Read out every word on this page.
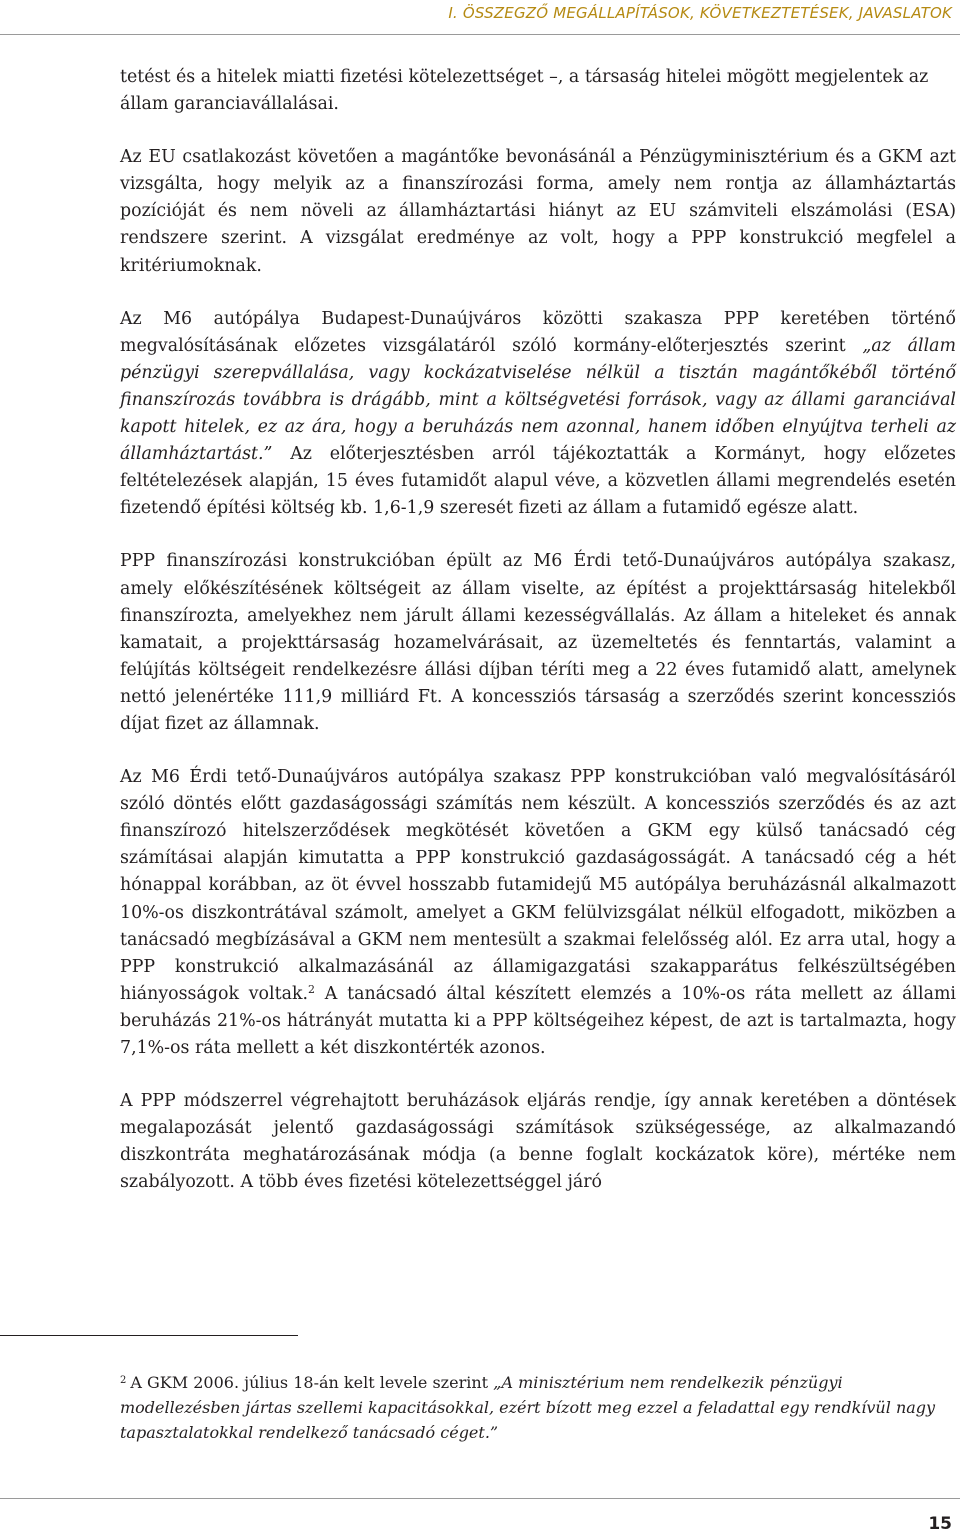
I. ÖSSZEGZŐ MEGÁLLAPÍTÁSOK, KÖVETKEZTETÉSEK, JAVASLATOK

tetést és a hitelek miatti fizetési kötelezettséget –, a társaság hitelei mögött megjelentek az állam garanciavállalásai.

Az EU csatlakozást követően a magántőke bevonásánál a Pénzügyminisztérium és a GKM azt vizsgálta, hogy melyik az a finanszírozási forma, amely nem rontja az államháztartás pozícióját és nem növeli az államháztartási hiányt az EU számviteli elszámolási (ESA) rendszere szerint. A vizsgálat eredménye az volt, hogy a PPP konstrukció megfelel a kritériumoknak.

Az M6 autópálya Budapest-Dunaújváros közötti szakasza PPP keretében történő megvalósításának előzetes vizsgálatáról szóló kormány-előterjesztés szerint „az állam pénzügyi szerepvállalása, vagy kockázatviselése nélkül a tisztán magántőkéből történő finanszírozás továbbra is drágább, mint a költségvetési források, vagy az állami garanciával kapott hitelek, ez az ára, hogy a beruházás nem azonnal, hanem időben elnyújtva terheli az államháztartást.” Az előterjesztésben arról tájékoztatták a Kormányt, hogy előzetes feltételezések alapján, 15 éves futamidőt alapul véve, a közvetlen állami megrendelés esetén fizetendő építési költség kb. 1,6-1,9 szeresét fizeti az állam a futamidő egésze alatt.

PPP finanszírozási konstrukcióban épült az M6 Érdi tető-Dunaújváros autópálya szakasz, amely előkészítésének költségeit az állam viselte, az építést a projekttársaság hitelekből finanszírozta, amelyekhez nem járult állami kezességvállalás. Az állam a hiteleket és annak kamatait, a projekttársaság hozamelvárásait, az üzemeltetés és fenntartás, valamint a felújítás költségeit rendelkezésre állási díjban téríti meg a 22 éves futamidő alatt, amelynek nettó jelenértéke 111,9 milliárd Ft. A koncessziós társaság a szerződés szerint koncessziós díjat fizet az államnak.

Az M6 Érdi tető-Dunaújváros autópálya szakasz PPP konstrukcióban való megvalósításáról szóló döntés előtt gazdaságossági számítás nem készült. A koncessziós szerződés és az azt finanszírozó hitelszerződések megkötését követően a GKM egy külső tanácsadó cég számításai alapján kimutatta a PPP konstrukció gazdaságosságát. A tanácsadó cég a hét hónappal korábban, az öt évvel hosszabb futamidejű M5 autópálya beruházásnál alkalmazott 10%-os diszkontrátával számolt, amelyet a GKM felülvizsgálat nélkül elfogadott, miközben a tanácsadó megbízásával a GKM nem mentesült a szakmai felelősség alól. Ez arra utal, hogy a PPP konstrukció alkalmazásánál az államigazgatási szakapparátus felkészültségében hiányosságok voltak.$^2$ A tanácsadó által készített elemzés a 10%-os ráta mellett az állami beruházás 21%-os hátrányát mutatta ki a PPP költségeihez képest, de azt is tartalmazta, hogy 7,1%-os ráta mellett a két diszkontérték azonos.

A PPP módszerrel végrehajtott beruházások eljárás rendje, így annak keretében a döntések megalapozását jelentő gazdaságossági számítások szükségessége, az alkalmazandó diszkontráta meghatározásának módja (a benne foglalt kockázatok köre), mértéke nem szabályozott. A több éves fizetési kötelezettséggel járó

$^2$ A GKM 2006. július 18-án kelt levele szerint „A minisztérium nem rendelkezik pénzügyi modellezésben jártas szellemi kapacitásokkal, ezért bízott meg ezzel a feladattal egy rendkívül nagy tapasztalatokkal rendelkező tanácsadó céget.”

15
